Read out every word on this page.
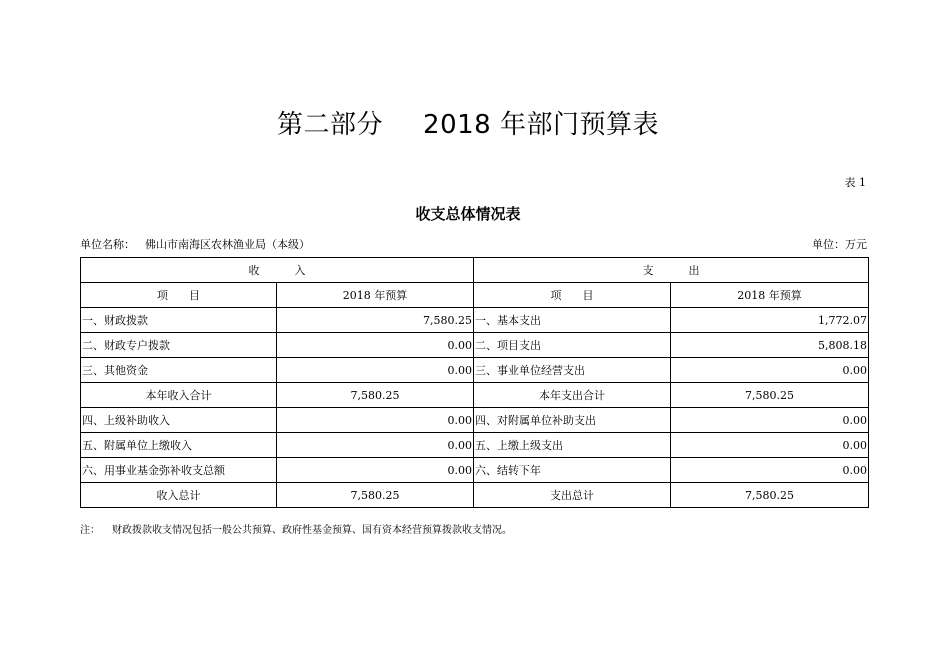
第二部分 2018 年部门预算表
表 1
收支总体情况表
单位名称： 佛山市南海区农林渔业局（本级）	单位：万元
收          入		支          出	
项      目	2018 年预算	项      目	2018 年预算
一、财政拨款	7,580.25	一、基本支出	1,772.07
二、财政专户拨款	0.00	二、项目支出	5,808.18
三、其他资金	0.00	三、事业单位经营支出	0.00
本年收入合计	7,580.25	本年支出合计	7,580.25
四、上级补助收入	0.00	四、对附属单位补助支出	0.00
五、附属单位上缴收入	0.00	五、上缴上级支出	0.00
六、用事业基金弥补收支总额	0.00	六、结转下年	0.00
收入总计	7,580.25	支出总计	7,580.25
注： 财政拨款收支情况包括一般公共预算、政府性基金预算、国有资本经营预算拨款收支情况。
